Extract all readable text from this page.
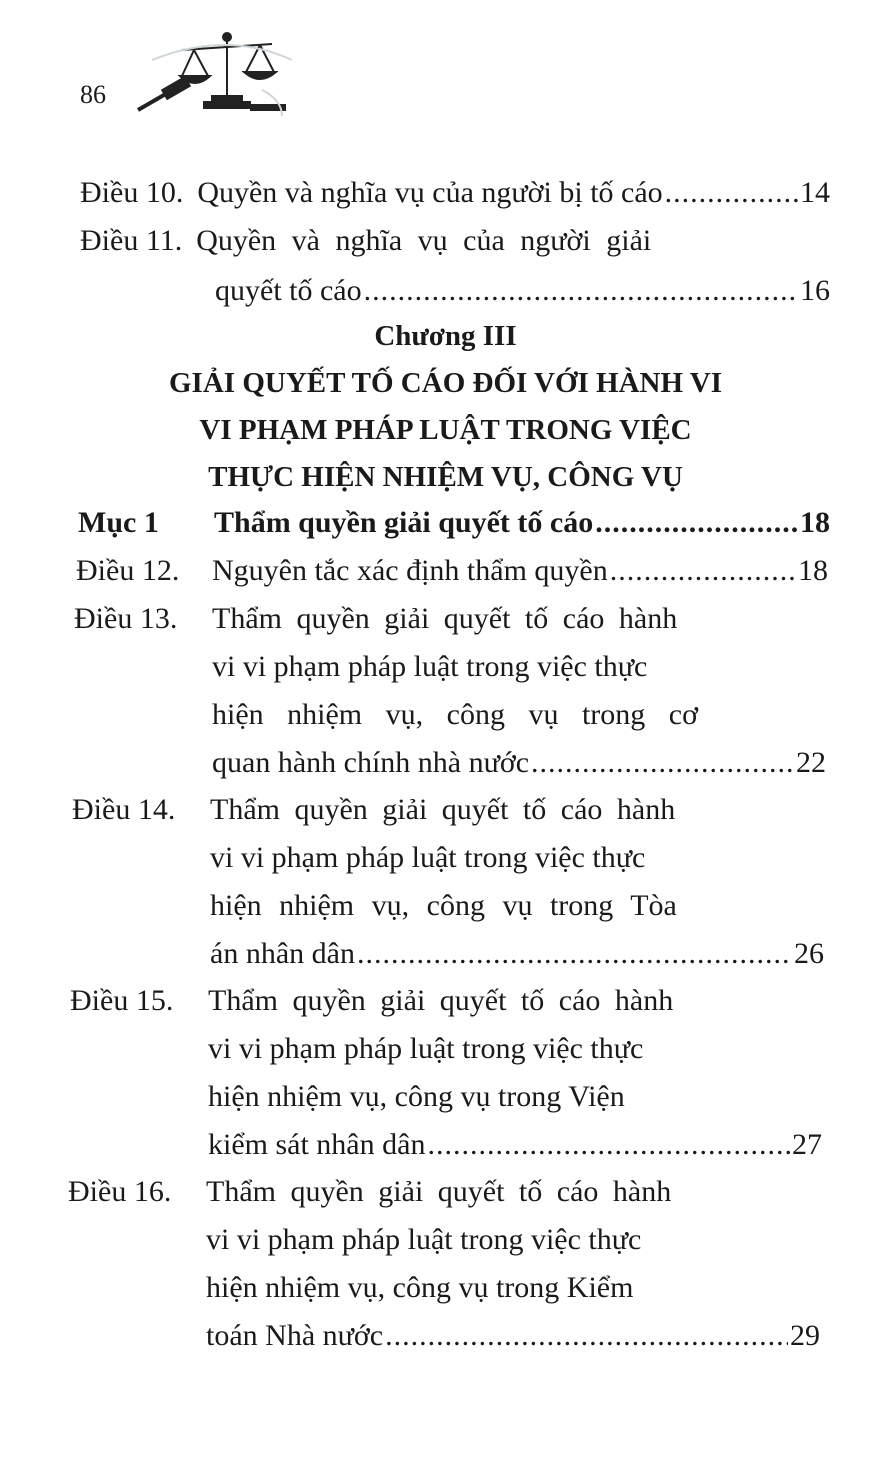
86
Điều 10. Quyền và nghĩa vụ của người bị tố cáo .....	14
Điều 11. Quyền và nghĩa vụ của người giải
quyết tố cáo .....	16
Chương III
GIẢI QUYẾT TỐ CÁO ĐỐI VỚI HÀNH VI
VI PHẠM PHÁP LUẬT TRONG VIỆC
THỰC HIỆN NHIỆM VỤ, CÔNG VỤ
Mục 1	Thẩm quyền giải quyết tố cáo .....	18
Điều 12.	Nguyên tắc xác định thẩm quyền .....	18
Điều 13.	Thẩm quyền giải quyết tố cáo hành
vi vi phạm pháp luật trong việc thực
hiện nhiệm vụ, công vụ trong cơ
quan hành chính nhà nước .....	22
Điều 14.	Thẩm quyền giải quyết tố cáo hành
vi vi phạm pháp luật trong việc thực
hiện nhiệm vụ, công vụ trong Tòa
án nhân dân .....	26
Điều 15.	Thẩm quyền giải quyết tố cáo hành
vi vi phạm pháp luật trong việc thực
hiện nhiệm vụ, công vụ trong Viện
kiểm sát nhân dân .....	27
Điều 16.	Thẩm quyền giải quyết tố cáo hành
vi vi phạm pháp luật trong việc thực
hiện nhiệm vụ, công vụ trong Kiểm
toán Nhà nước .....	29
